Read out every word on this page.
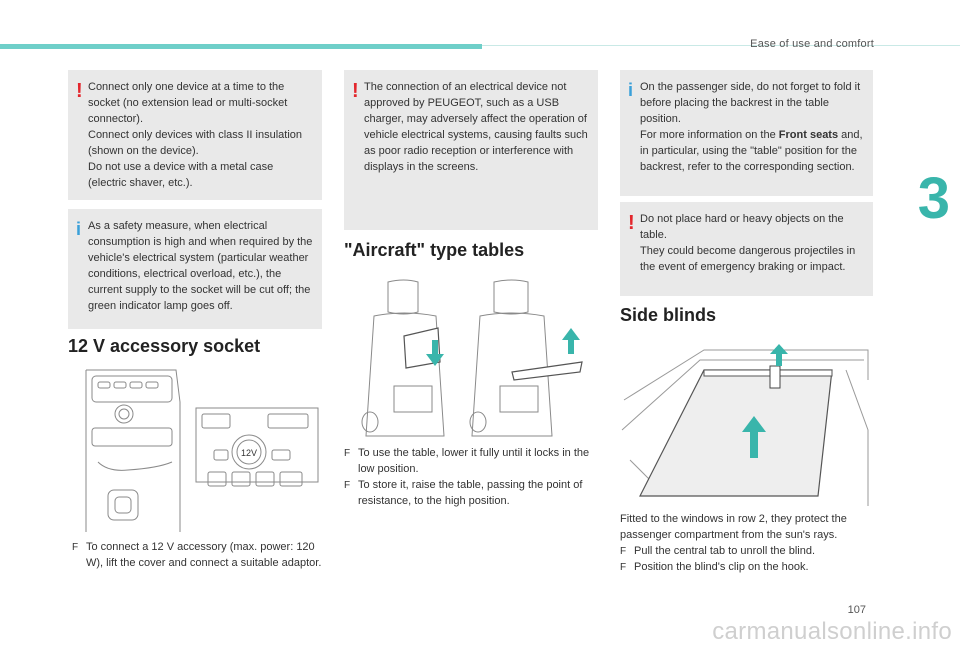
Ease of use and comfort
3
! Connect only one device at a time to the socket (no extension lead or multi-socket connector).

Connect only devices with class II insulation (shown on the device).

Do not use a device with a metal case (electric shaver, etc.).

i As a safety measure, when electrical consumption is high and when required by the vehicle's electrical system (particular weather conditions, electrical overload, etc.), the current supply to the socket will be cut off; the green indicator lamp goes off.

12 V accessory socket
12V
F To connect a 12 V accessory (max. power: 120 W), lift the cover and connect a suitable adaptor.
! The connection of an electrical device not approved by PEUGEOT, such as a USB charger, may adversely affect the operation of vehicle electrical systems, causing faults such as poor radio reception or interference with displays in the screens.

"Aircraft" type tables
F To use the table, lower it fully until it locks in the low position.
F To store it, raise the table, passing the point of resistance, to the high position.
i On the passenger side, do not forget to fold it before placing the backrest in the table position.

For more information on the Front seats and, in particular, using the "table" position for the backrest, refer to the corresponding section.

! Do not place hard or heavy objects on the table.

They could become dangerous projectiles in the event of emergency braking or impact.

Side blinds
Fitted to the windows in row 2, they protect the passenger compartment from the sun's rays.
F Pull the central tab to unroll the blind.
F Position the blind's clip on the hook.
107
carmanualsonline.info
